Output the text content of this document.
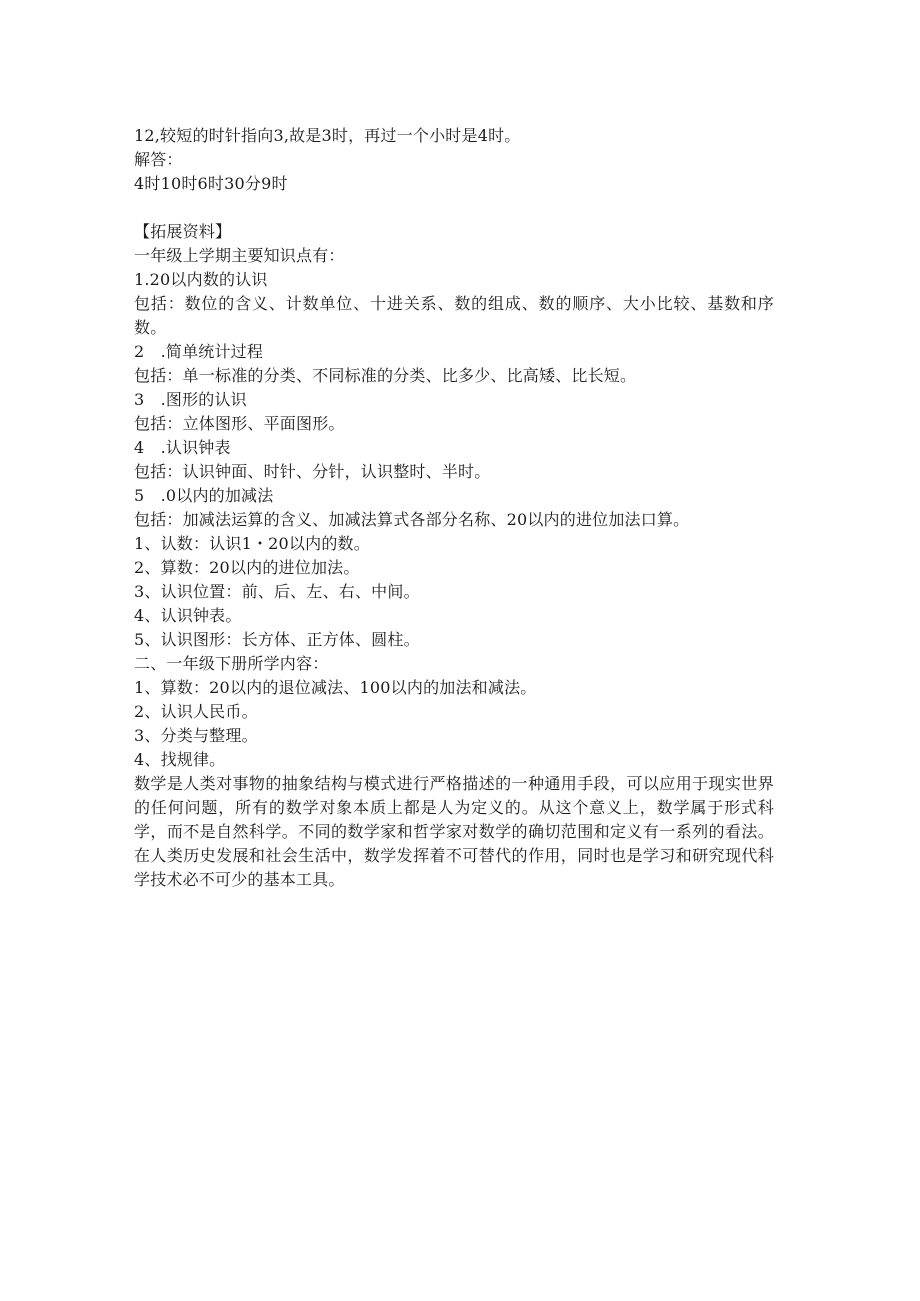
12,较短的时针指向3,故是3时，再过一个小时是4时。

解答：

4时10时6时30分9时

【拓展资料】

一年级上学期主要知识点有：

1.20以内数的认识

包括：数位的含义、计数单位、十进关系、数的组成、数的顺序、大小比较、基数和序数。

2　.简单统计过程

包括：单一标准的分类、不同标准的分类、比多少、比高矮、比长短。

3　.图形的认识

包括：立体图形、平面图形。

4　.认识钟表

包括：认识钟面、时针、分针，认识整时、半时。

5　.0以内的加减法

包括：加减法运算的含义、加减法算式各部分名称、20以内的进位加法口算。

1、认数：认识1・20以内的数。

2、算数：20以内的进位加法。

3、认识位置：前、后、左、右、中间。

4、认识钟表。

5、认识图形：长方体、正方体、圆柱。

二、一年级下册所学内容：

1、算数：20以内的退位减法、100以内的加法和减法。

2、认识人民币。

3、分类与整理。

4、找规律。

数学是人类对事物的抽象结构与模式进行严格描述的一种通用手段，可以应用于现实世界的任何问题，所有的数学对象本质上都是人为定义的。从这个意义上，数学属于形式科学，而不是自然科学。不同的数学家和哲学家对数学的确切范围和定义有一系列的看法。在人类历史发展和社会生活中，数学发挥着不可替代的作用，同时也是学习和研究现代科学技术必不可少的基本工具。
